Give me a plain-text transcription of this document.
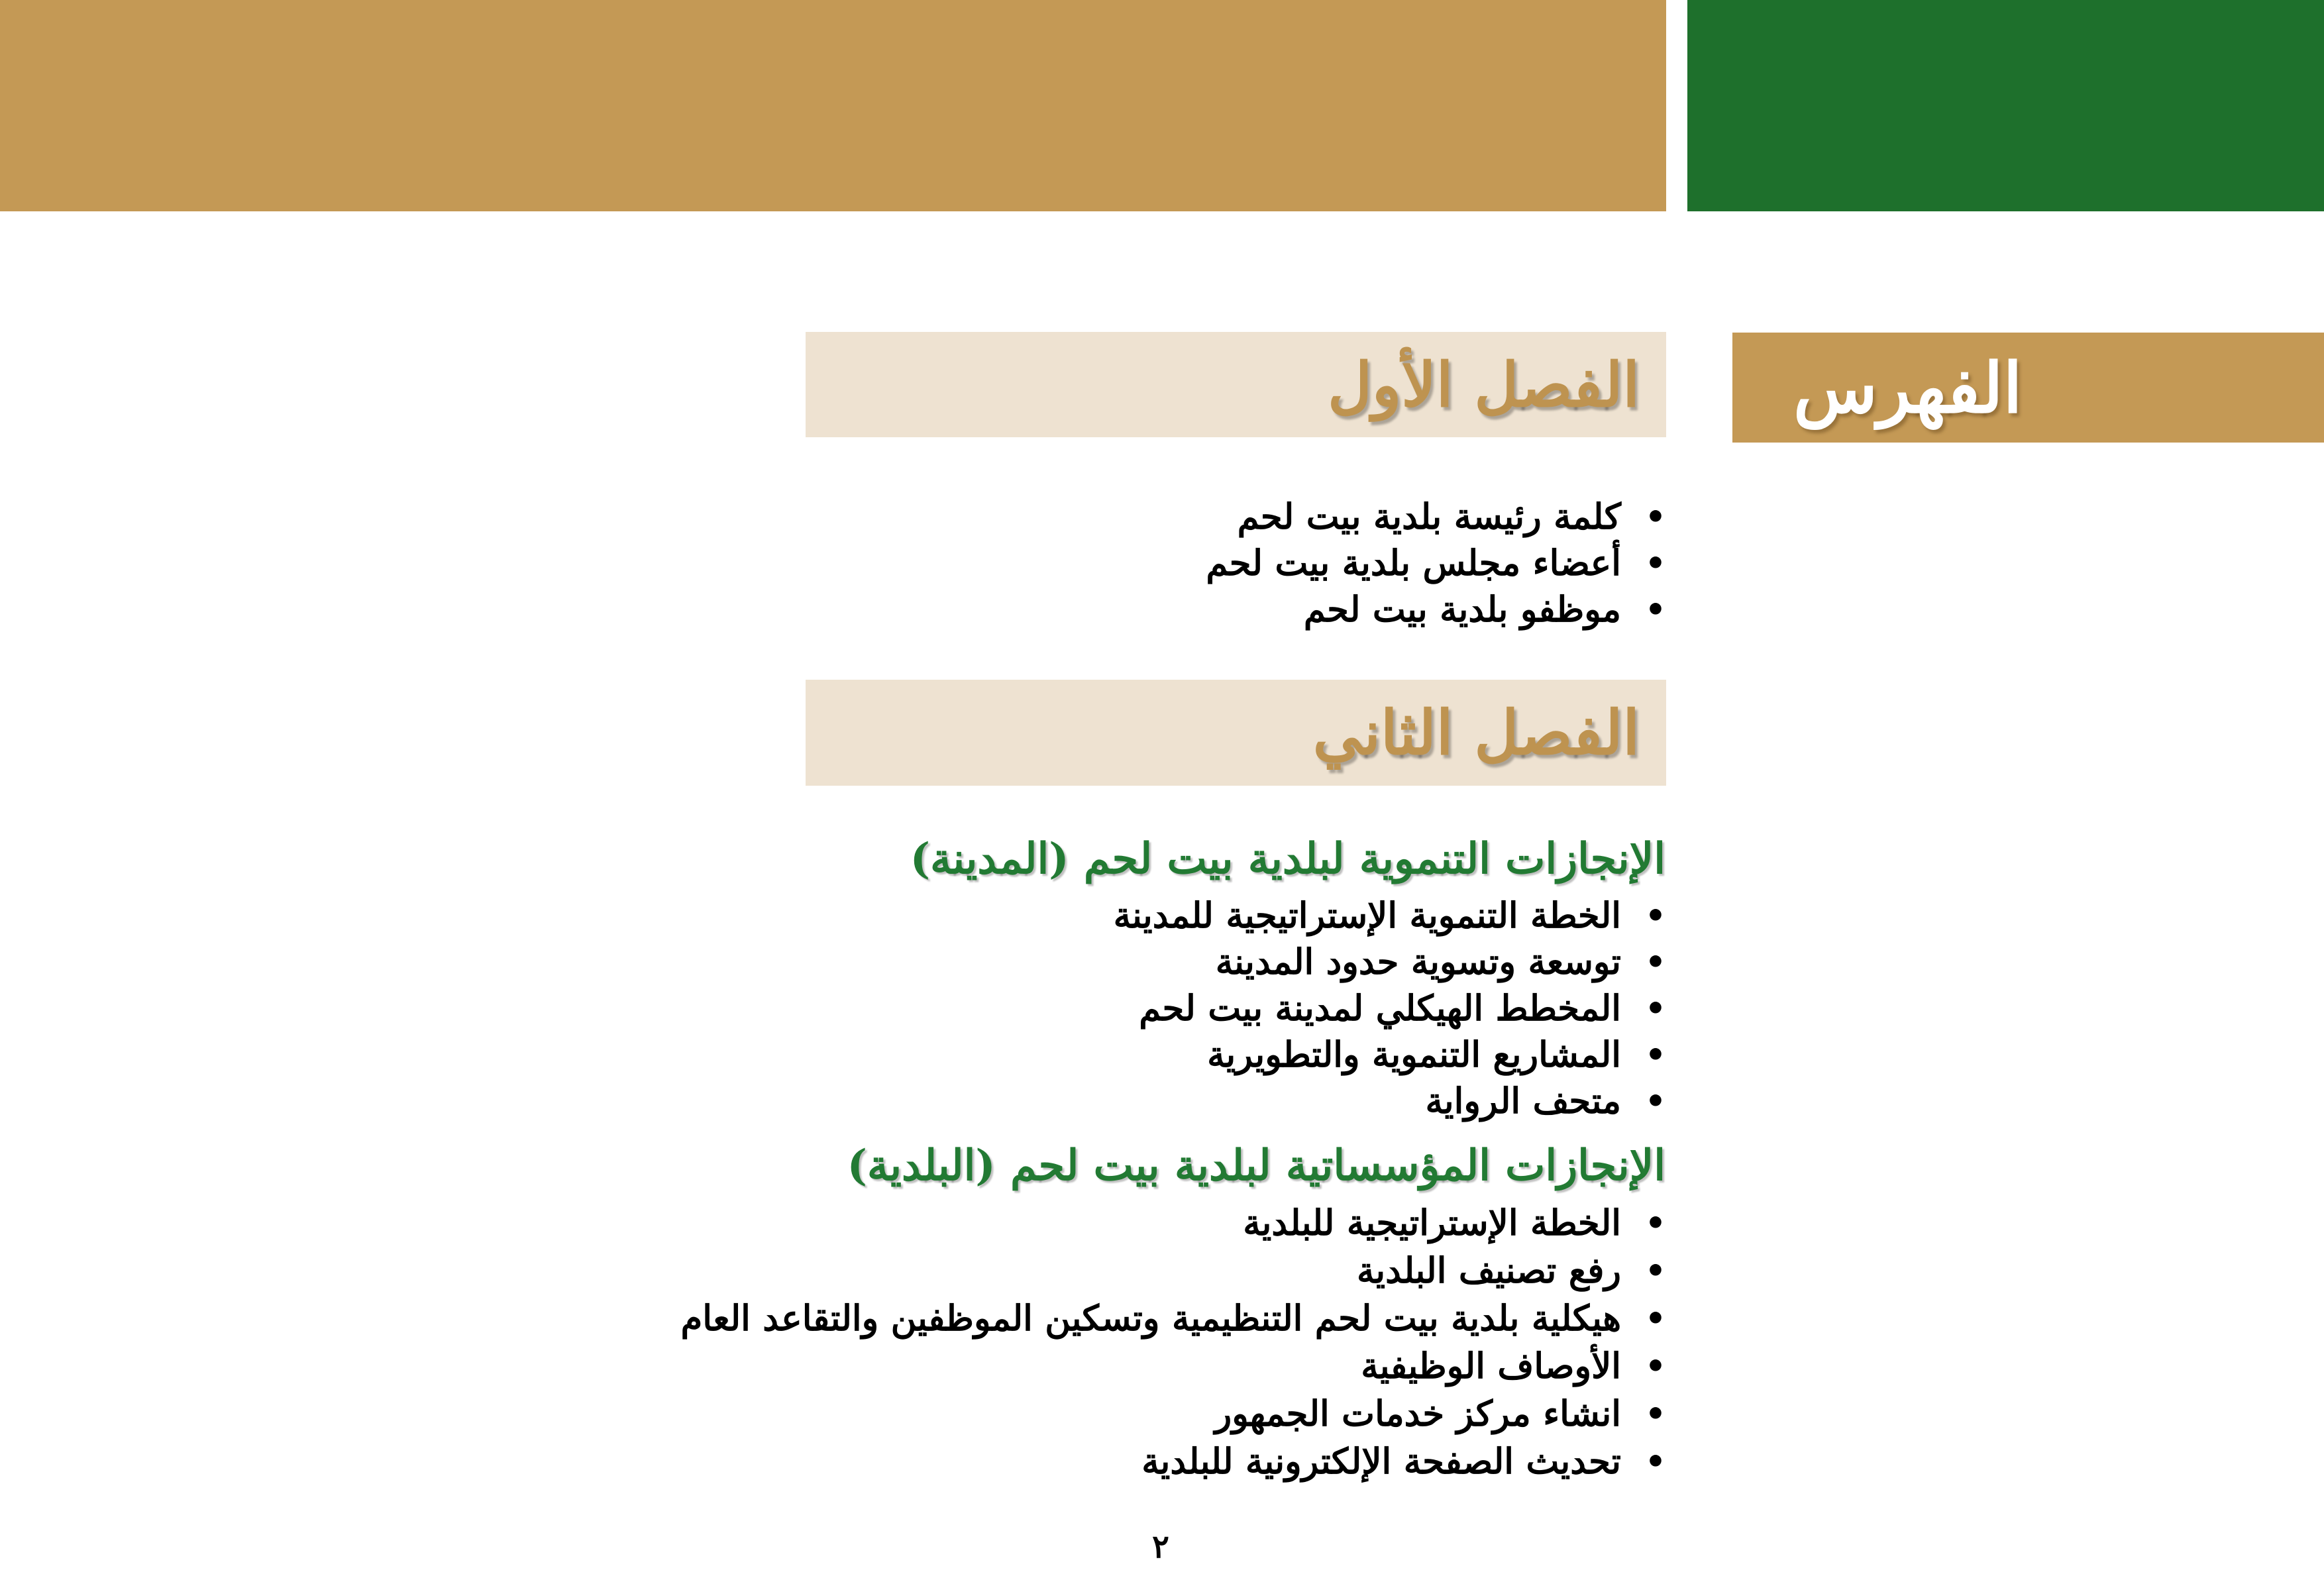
الفهرس
الفصل الأول
•
كلمة رئيسة بلدية بيت لحم
•
أعضاء مجلس بلدية بيت لحم
•
موظفو بلدية بيت لحم
الفصل الثاني
الإنجازات التنموية لبلدية بيت لحم (المدينة)
•
الخطة التنموية الإستراتيجية للمدينة
•
توسعة وتسوية حدود المدينة
•
المخطط الهيكلي لمدينة بيت لحم
•
المشاريع التنموية والتطويرية
•
متحف الرواية
الإنجازات المؤسساتية لبلدية بيت لحم (البلدية)
•
الخطة الإستراتيجية للبلدية
•
رفع تصنيف البلدية
•
هيكلية بلدية بيت لحم التنظيمية وتسكين الموظفين والتقاعد العام
•
الأوصاف الوظيفية
•
انشاء مركز خدمات الجمهور
•
تحديث الصفحة الإلكترونية للبلدية
٢
